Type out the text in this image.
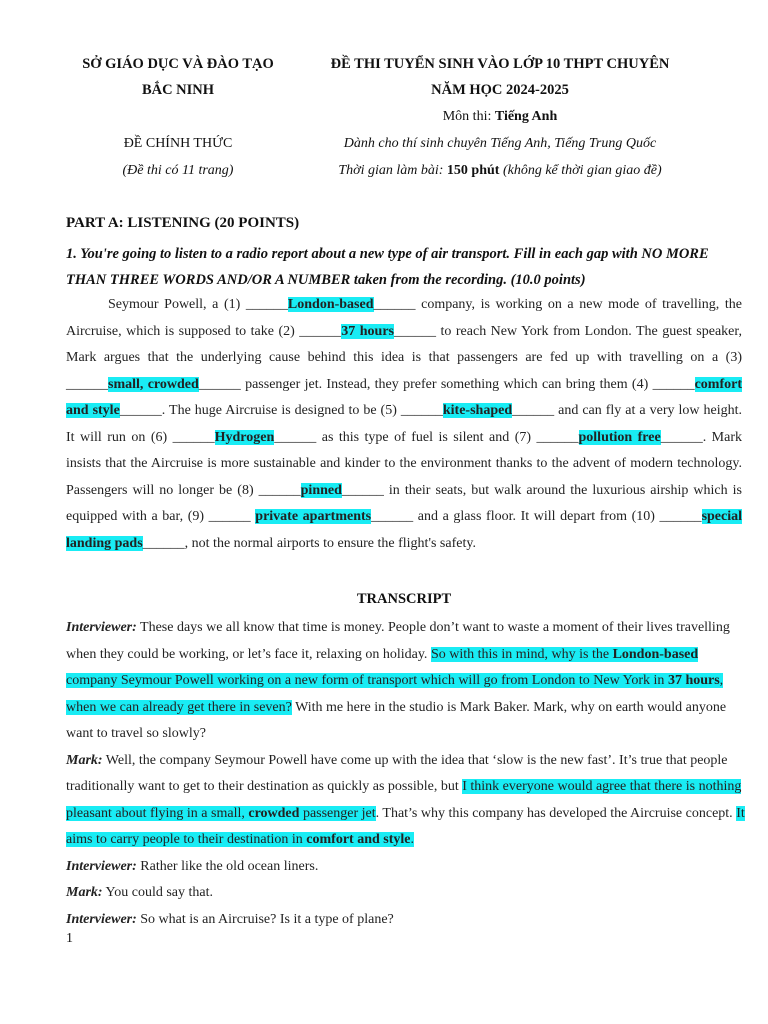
SỞ GIÁO DỤC VÀ ĐÀO TẠO
BẮC NINH
ĐỀ THI TUYỂN SINH VÀO LỚP 10 THPT CHUYÊN
NĂM HỌC 2024-2025
Môn thi: Tiếng Anh
ĐỀ CHÍNH THỨC	Dành cho thí sinh chuyên Tiếng Anh, Tiếng Trung Quốc
(Đề thi có 11 trang)	Thời gian làm bài: 150 phút (không kể thời gian giao đề)
PART A: LISTENING (20 POINTS)
1. You're going to listen to a radio report about a new type of air transport. Fill in each gap with NO MORE THAN THREE WORDS AND/OR A NUMBER taken from the recording. (10.0 points)
Seymour Powell, a (1) ______London-based______ company, is working on a new mode of travelling, the Aircruise, which is supposed to take (2) ______37 hours______ to reach New York from London. The guest speaker, Mark argues that the underlying cause behind this idea is that passengers are fed up with travelling on a (3) ______small, crowded______ passenger jet. Instead, they prefer something which can bring them (4) ______comfort and style______. The huge Aircruise is designed to be (5) ______kite-shaped______ and can fly at a very low height. It will run on (6) ______Hydrogen______ as this type of fuel is silent and (7) ______pollution free______. Mark insists that the Aircruise is more sustainable and kinder to the environment thanks to the advent of modern technology. Passengers will no longer be (8) ______pinned______ in their seats, but walk around the luxurious airship which is equipped with a bar, (9) ______ private apartments______ and a glass floor. It will depart from (10) ______special landing pads______, not the normal airports to ensure the flight's safety.
TRANSCRIPT

Interviewer: These days we all know that time is money. People don’t want to waste a moment of their lives travelling when they could be working, or let’s face it, relaxing on holiday. So with this in mind, why is the London-based company Seymour Powell working on a new form of transport which will go from London to New York in 37 hours, when we can already get there in seven? With me here in the studio is Mark Baker. Mark, why on earth would anyone want to travel so slowly?

Mark: Well, the company Seymour Powell have come up with the idea that ‘slow is the new fast’. It’s true that people traditionally want to get to their destination as quickly as possible, but I think everyone would agree that there is nothing pleasant about flying in a small, crowded passenger jet. That’s why this company has developed the Aircruise concept. It aims to carry people to their destination in comfort and style.

Interviewer: Rather like the old ocean liners.

Mark: You could say that.

Interviewer: So what is an Aircruise? Is it a type of plane?

1
